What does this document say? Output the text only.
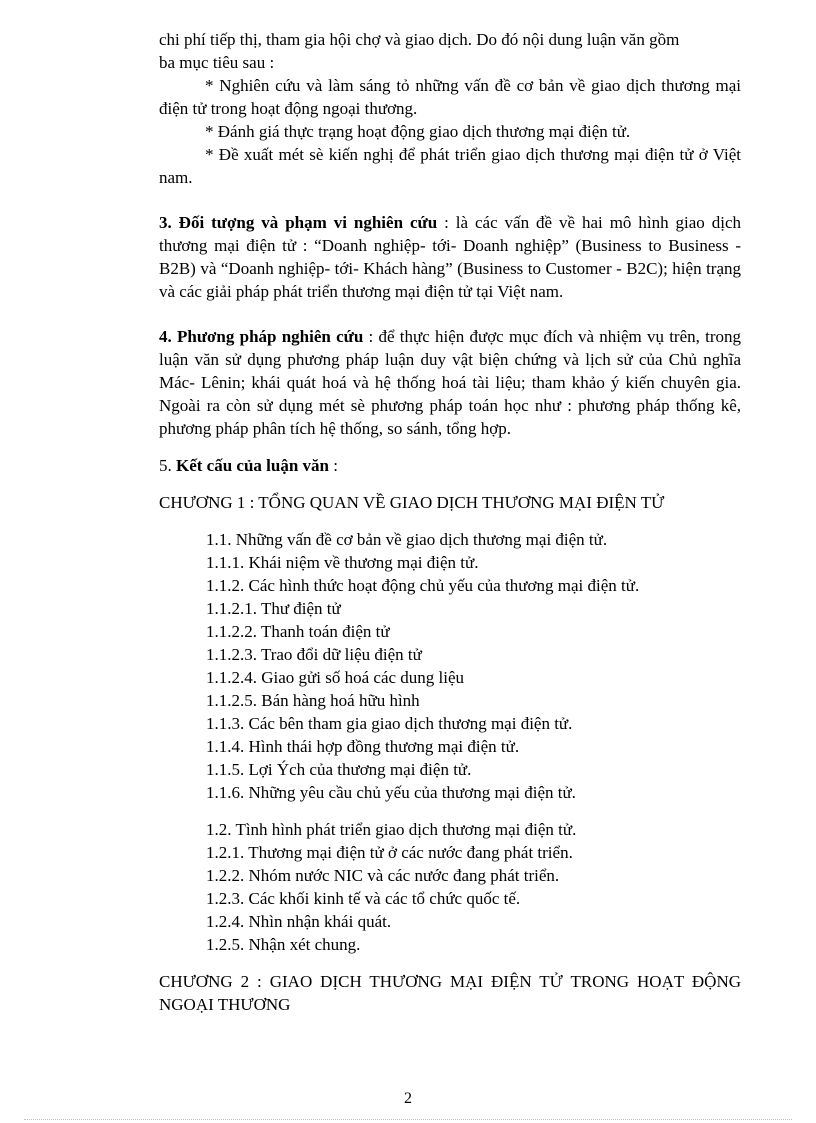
chi phí tiếp thị, tham gia hội chợ và giao dịch. Do đó nội dung luận văn gồm

ba mục tiêu sau :

* Nghiên cứu và làm sáng tỏ những vấn đề cơ bản về giao dịch thương mại điện tử trong hoạt động ngoại thương.

* Đánh giá thực trạng hoạt động giao dịch thương mại điện tử.

* Đề xuất mét sè kiến nghị để phát triển giao dịch thương mại điện tử ở Việt nam.

3. Đối tượng và phạm vi nghiên cứu : là các vấn đề về hai mô hình giao dịch thương mại điện tử : “Doanh nghiệp- tới- Doanh nghiệp” (Business to Business - B2B) và “Doanh nghiệp- tới- Khách hàng” (Business to Customer - B2C); hiện trạng và các giải pháp phát triển thương mại điện tử tại Việt nam.

4. Phương pháp nghiên cứu : để thực hiện được mục đích và nhiệm vụ trên, trong luận văn sử dụng phương pháp luận duy vật biện chứng và lịch sử của Chủ nghĩa Mác- Lênin; khái quát hoá và hệ thống hoá tài liệu; tham khảo ý kiến chuyên gia. Ngoài ra còn sử dụng mét sè phương pháp toán học như : phương pháp thống kê, phương pháp phân tích hệ thống, so sánh, tổng hợp.

5. Kết cấu của luận văn :

CHƯƠNG 1 : TỔNG QUAN VỀ GIAO DỊCH THƯƠNG MẠI ĐIỆN TỬ

1.1. Những vấn đề cơ bản về giao dịch thương mại điện tử.

1.1.1. Khái niệm về thương mại điện tử.

1.1.2. Các hình thức hoạt động chủ yếu của thương mại điện tử.

1.1.2.1. Thư điện tử

1.1.2.2. Thanh toán điện tử

1.1.2.3. Trao đổi dữ liệu điện tử

1.1.2.4. Giao gửi số hoá các dung liệu

1.1.2.5. Bán hàng hoá hữu hình

1.1.3. Các bên tham gia giao dịch thương mại điện tử.

1.1.4. Hình thái hợp đồng thương mại điện tử.

1.1.5. Lợi Ých của thương mại điện tử.

1.1.6. Những yêu cầu chủ yếu của thương mại điện tử.

1.2. Tình hình phát triển giao dịch thương mại điện tử.

1.2.1. Thương mại điện tử ở các nước đang phát triển.

1.2.2. Nhóm nước NIC và các nước đang phát triển.

1.2.3. Các khối kinh tế và các tổ chức quốc tế.

1.2.4. Nhìn nhận khái quát.

1.2.5. Nhận xét chung.

CHƯƠNG 2 : GIAO DỊCH THƯƠNG MẠI ĐIỆN TỬ TRONG HOẠT ĐỘNG NGOẠI THƯƠNG

2
